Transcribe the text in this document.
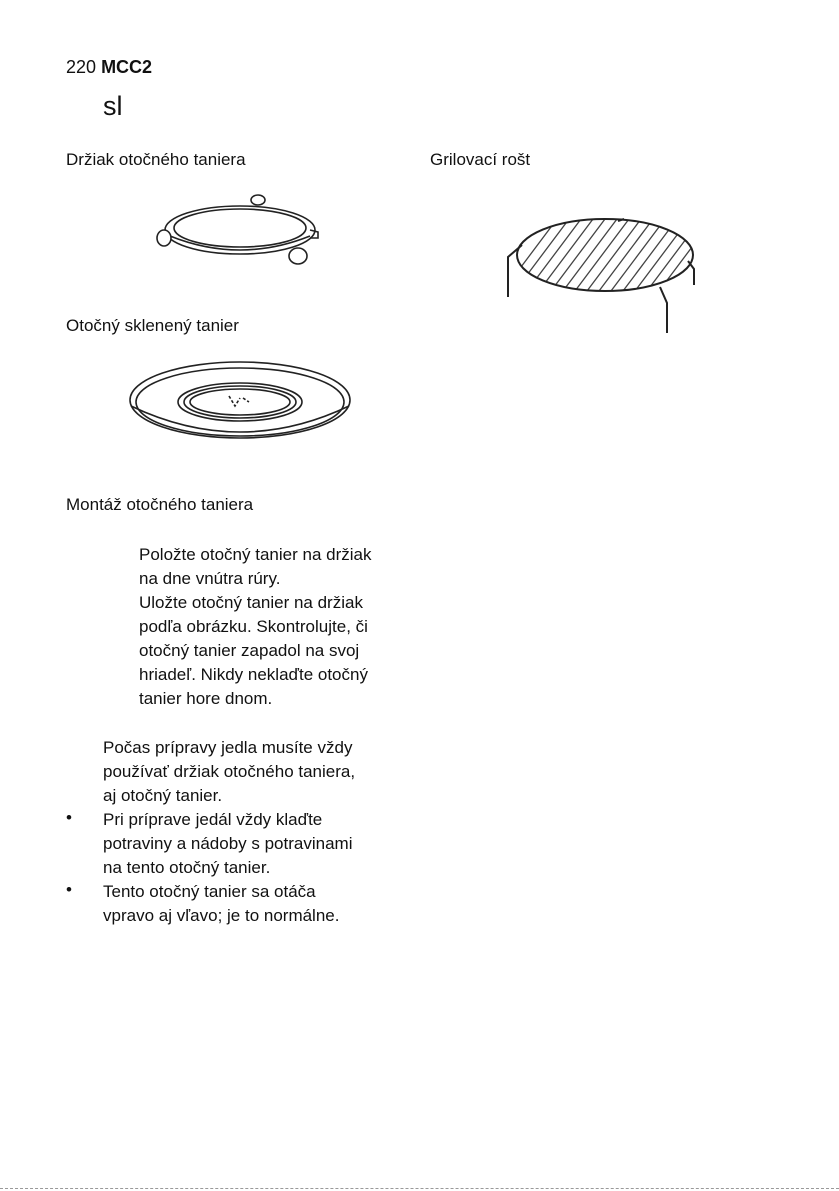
220 MCC2
sl
Držiak otočného taniera	Grilovací rošt
Otočný sklenený tanier
Montáž otočného taniera
Položte otočný tanier na držiak
na dne vnútra rúry.
Uložte otočný tanier na držiak
podľa obrázku. Skontrolujte, či
otočný tanier zapadol na svoj
hriadeľ. Nikdy neklaďte otočný
tanier hore dnom.
Počas prípravy jedla musíte vždy
používať držiak otočného taniera,
aj otočný tanier.
• Pri príprave jedál vždy klaďte
potraviny a nádoby s potravinami
na tento otočný tanier.
• Tento otočný tanier sa otáča
vpravo aj vľavo; je to normálne.
